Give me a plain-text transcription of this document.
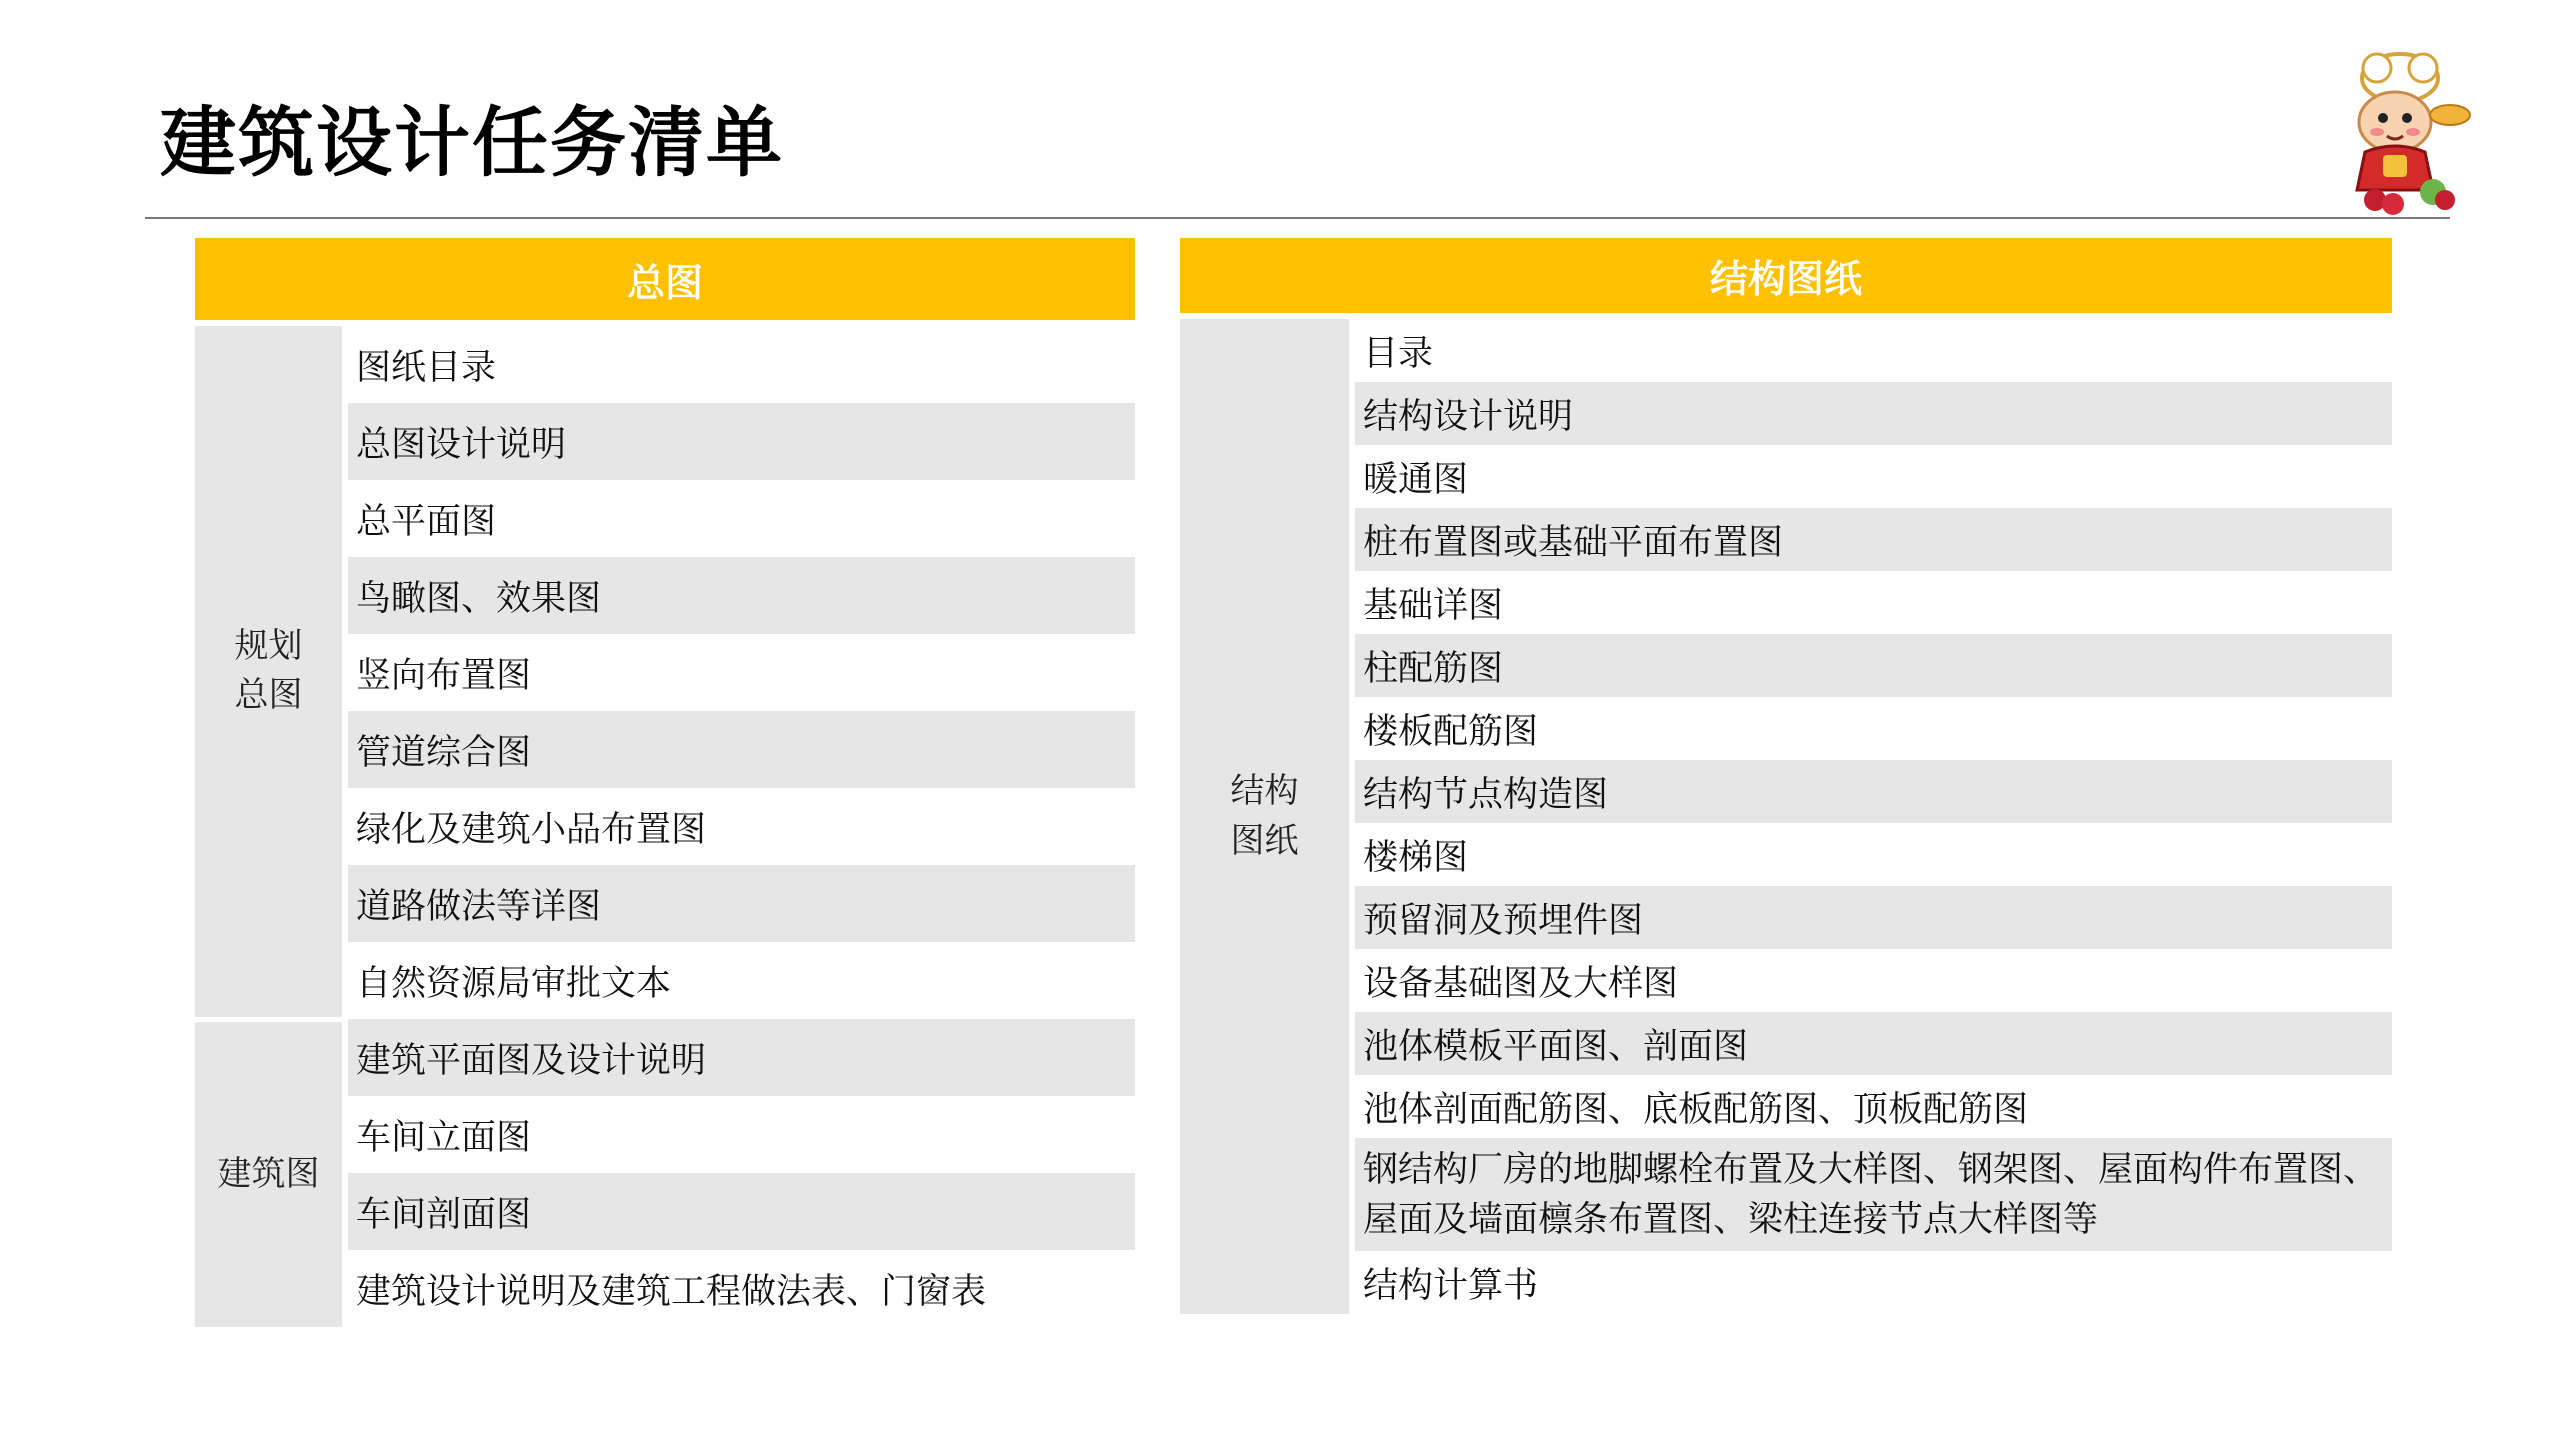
建筑设计任务清单
总图	

规划
总图	图纸目录
	总图设计说明
	总平面图
	鸟瞰图、效果图
	竖向布置图
	管道综合图
	绿化及建筑小品布置图
	道路做法等详图
	自然资源局审批文本

建筑图	建筑平面图及设计说明
	车间立面图
	车间剖面图
	建筑设计说明及建筑工程做法表、门窗表
结构图纸

结构
图纸
	目录
结构设计说明
暖通图
桩布置图或基础平面布置图
基础详图
柱配筋图
楼板配筋图
结构节点构造图
楼梯图
预留洞及预埋件图
设备基础图及大样图
池体模板平面图、剖面图
池体剖面配筋图、底板配筋图、顶板配筋图
钢结构厂房的地脚螺栓布置及大样图、钢架图、屋面构件布置图、屋面及墙面檩条布置图、梁柱连接节点大样图等
结构计算书
